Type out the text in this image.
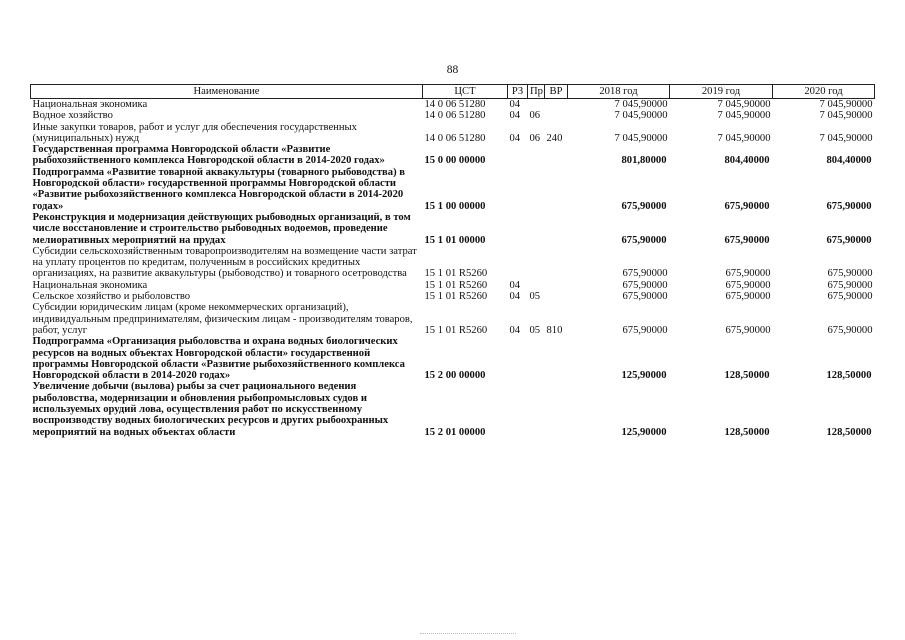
88
Наименование	ЦСТ	РЗ	Пр	ВР	2018 год	2019 год	2020 год
Национальная экономика	14 0 06 51280	04			7 045,90000	7 045,90000	7 045,90000
Водное хозяйство	14 0 06 51280	04	06		7 045,90000	7 045,90000	7 045,90000
Иные закупки товаров, работ и услуг для обеспечения государственных (муниципальных) нужд	14 0 06 51280	04	06	240	7 045,90000	7 045,90000	7 045,90000
Государственная программа Новгородской области «Развитие рыбохозяйственного комплекса Новгородской области в 2014-2020 годах»	15 0 00 00000				801,80000	804,40000	804,40000
Подпрограмма «Развитие товарной аквакультуры (товарного рыбоводства) в Новгородской области» государственной программы Новгородской области «Развитие рыбохозяйственного комплекса Новгородской области в 2014-2020 годах»	15 1 00 00000				675,90000	675,90000	675,90000
Реконструкция и модернизация действующих рыбоводных организаций, в том числе восстановление и строительство рыбоводных водоемов, проведение мелиоративных мероприятий на прудах	15 1 01 00000				675,90000	675,90000	675,90000
Субсидии сельскохозяйственным товаропроизводителям на возмещение части затрат на уплату процентов по кредитам, полученным в российских кредитных организациях, на развитие аквакультуры (рыбоводство) и товарного осетроводства	15 1 01 R5260				675,90000	675,90000	675,90000
Национальная экономика	15 1 01 R5260	04			675,90000	675,90000	675,90000
Сельское хозяйство и рыболовство	15 1 01 R5260	04	05		675,90000	675,90000	675,90000
Субсидии юридическим лицам (кроме некоммерческих организаций), индивидуальным предпринимателям, физическим лицам - производителям товаров, работ, услуг	15 1 01 R5260	04	05	810	675,90000	675,90000	675,90000
Подпрограмма «Организация рыболовства и охрана водных биологических ресурсов на водных объектах Новгородской области» государственной программы Новгородской области «Развитие рыбохозяйственного комплекса Новгородской области в 2014-2020 годах»	15 2 00 00000				125,90000	128,50000	128,50000
Увеличение добычи (вылова) рыбы за счет рационального ведения рыболовства, модернизации и обновления рыбопромысловых судов и используемых орудий лова, осуществления работ по искусственному воспроизводству водных биологических ресурсов и других рыбоохранных мероприятий на водных объектах области	15 2 01 00000				125,90000	128,50000	128,50000
